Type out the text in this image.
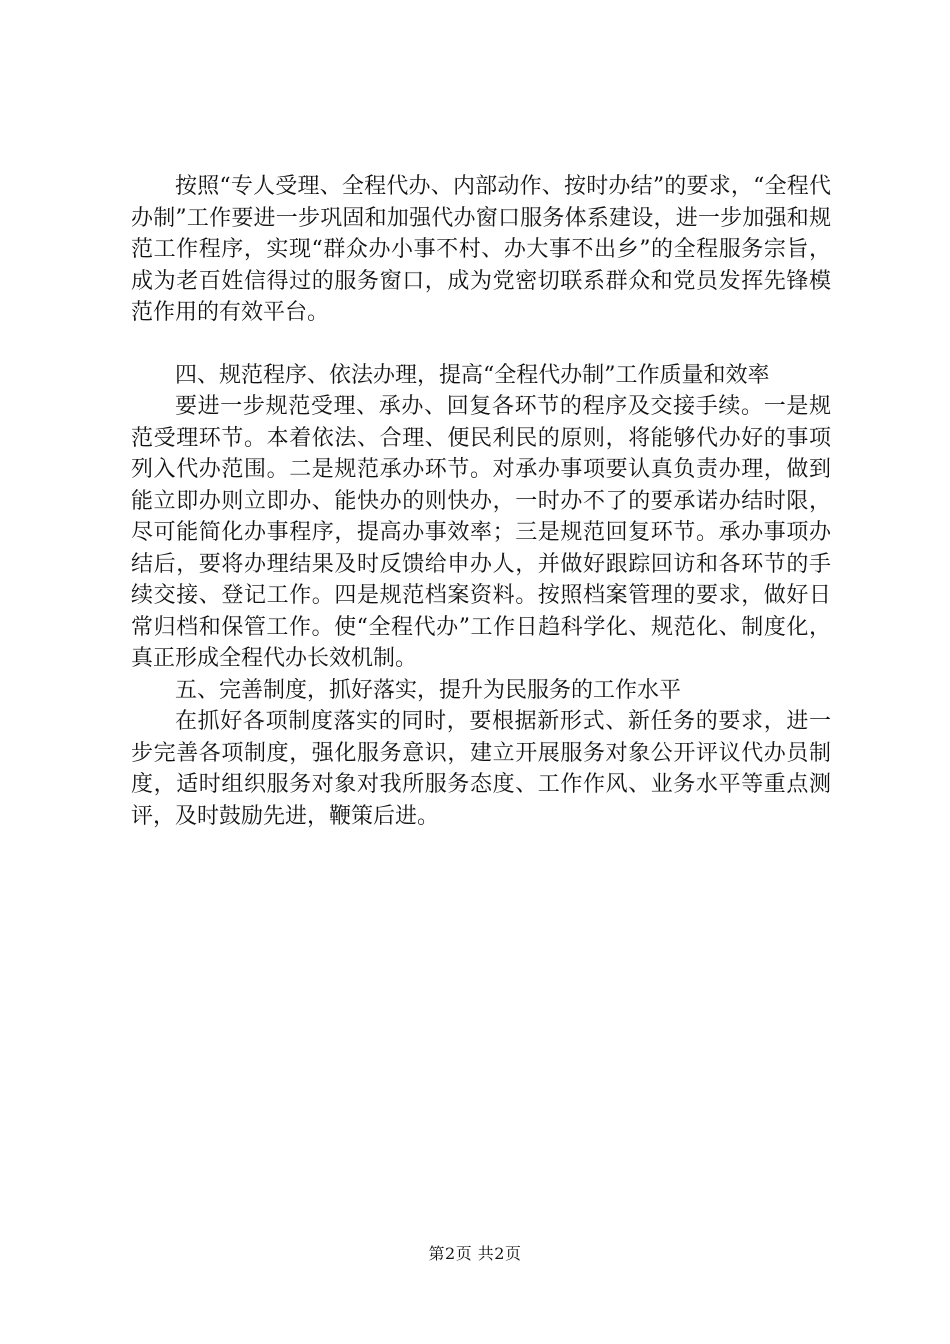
按照“专人受理、全程代办、内部动作、按时办结”的要求，“全程代办制”工作要进一步巩固和加强代办窗口服务体系建设，进一步加强和规范工作程序，实现“群众办小事不村、办大事不出乡”的全程服务宗旨，成为老百姓信得过的服务窗口，成为党密切联系群众和党员发挥先锋模范作用的有效平台。

四、规范程序、依法办理，提高“全程代办制”工作质量和效率

要进一步规范受理、承办、回复各环节的程序及交接手续。一是规范受理环节。本着依法、合理、便民利民的原则，将能够代办好的事项列入代办范围。二是规范承办环节。对承办事项要认真负责办理，做到能立即办则立即办、能快办的则快办，一时办不了的要承诺办结时限，尽可能简化办事程序，提高办事效率；三是规范回复环节。承办事项办结后，要将办理结果及时反馈给申办人，并做好跟踪回访和各环节的手续交接、登记工作。四是规范档案资料。按照档案管理的要求，做好日常归档和保管工作。使“全程代办”工作日趋科学化、规范化、制度化，真正形成全程代办长效机制。

五、完善制度，抓好落实，提升为民服务的工作水平

在抓好各项制度落实的同时，要根据新形式、新任务的要求，进一步完善各项制度，强化服务意识，建立开展服务对象公开评议代办员制度，适时组织服务对象对我所服务态度、工作作风、业务水平等重点测评，及时鼓励先进，鞭策后进。

第2页 共2页
